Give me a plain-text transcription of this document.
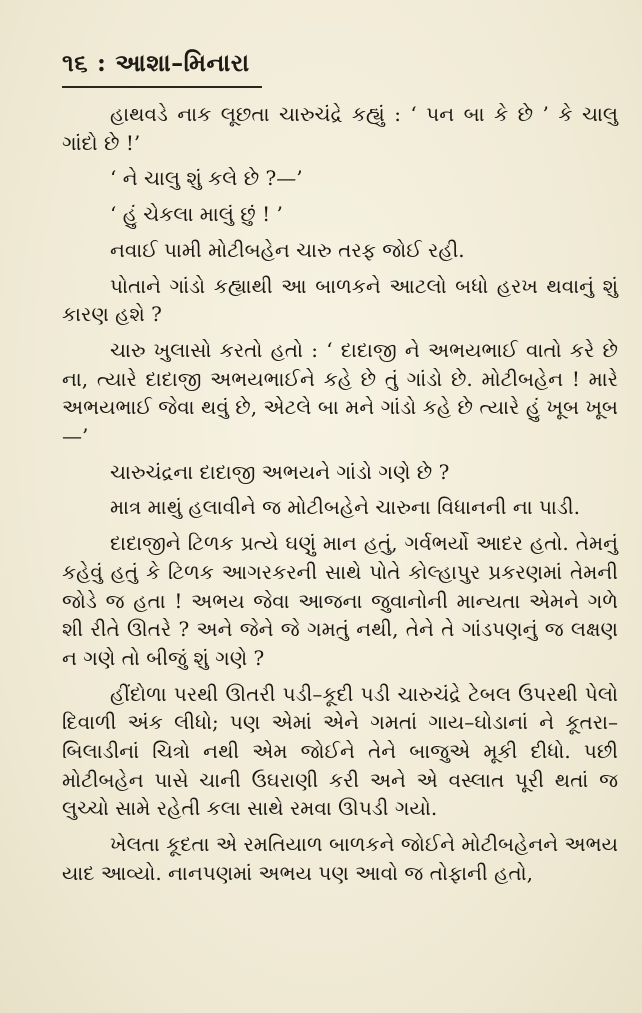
૧૬ : આશા–મિનારા

હાથવડે નાક લૂછતા ચારુચંદ્રે કહ્યું : ‘ પન બા કે છે ’ કે ચાલુ ગાંદો છે !’

‘ ને ચાલુ શું કલે છે ?—’

‘ હું ચેકલા માલું છું ! ’

નવાઈ પામી મોટીબહેન ચારુ તરફ જોઈ રહી.

પોતાને ગાંડો કહ્યાથી આ બાળકને આટલો બધો હરખ થવાનું શું કારણ હશે ?

ચારુ ખુલાસો કરતો હતો : ‘ દાદાજી ને અભયભાઈ વાતો કરે છે ના, ત્યારે દાદાજી અભયભાઈને કહે છે તું ગાંડો છે. મોટીબહેન ! મારે અભયભાઈ જેવા થવું છે, એટલે બા મને ગાંડો કહે છે ત્યારે હું ખૂબ ખૂબ—’

ચારુચંદ્રના દાદાજી અભયને ગાંડો ગણે છે ?

માત્ર માથું હલાવીને જ મોટીબહેને ચારુના વિધાનની ના પાડી.

દાદાજીને ટિળક પ્રત્યે ઘણું માન હતું, ગર્વભર્યો આદર હતો. તેમનું કહેવું હતું કે ટિળક આગરકરની સાથે પોતે કોલ્હાપુર પ્રકરણમાં તેમની જોડે જ હતા ! અભય જેવા આજના જુવાનોની માન્યતા એમને ગળે શી રીતે ઊતરે ? અને જેને જે ગમતું નથી, તેને તે ગાંડપણનું જ લક્ષણ ન ગણે તો બીજું શું ગણે ?

હીંદોળા પરથી ઊતરી પડી–કૂદી પડી ચારુચંદ્રે ટેબલ ઉપરથી પેલો દિવાળી અંક લીધો; પણ એમાં એને ગમતાં ગાય–ઘોડાનાં ને કૂતરા–બિલાડીનાં ચિત્રો નથી એમ જોઈને તેને બાજુએ મૂકી દીધો. પછી મોટીબહેન પાસે ચાની ઉઘરાણી કરી અને એ વસ્લાત પૂરી થતાં જ લુચ્ચો સામે રહેતી કલા સાથે રમવા ઊપડી ગયો.

ખેલતા કૂદતા એ રમતિયાળ બાળકને જોઈને મોટીબહેનને અભય યાદ આવ્યો. નાનપણમાં અભય પણ આવો જ તોફાની હતો,
